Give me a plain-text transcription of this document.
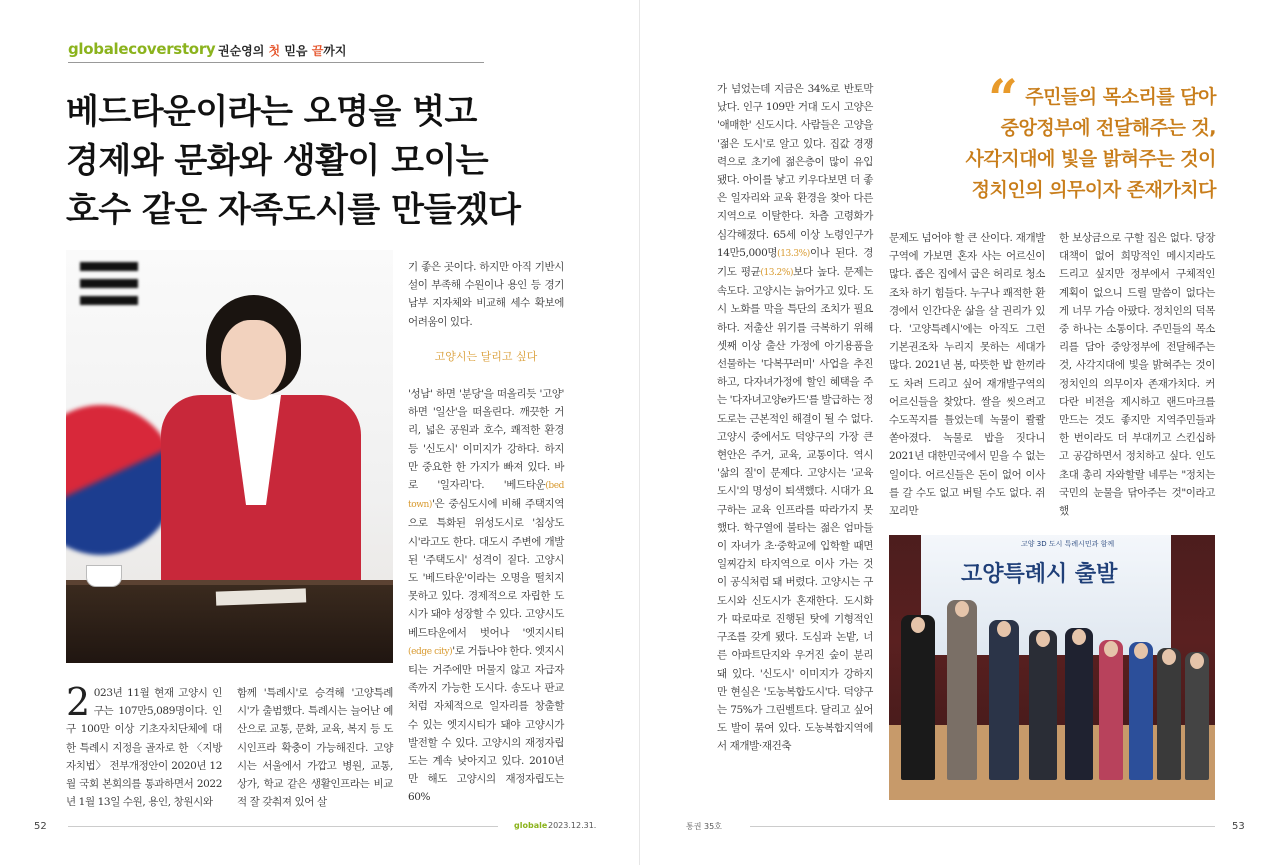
globalecoverstory 권순영의 첫 믿음 끝까지
베드타운이라는 오명을 벗고
경제와 문화와 생활이 모이는
호수 같은 자족도시를 만들겠다
2 023년 11월 현재 고양시 인구는 107만5,089명이다. 인구 100만 이상 기초자치단체에 대한 특례시 지정을 골자로 한 〈지방자치법〉 전부개정안이 2020년 12월 국회 본회의를 통과하면서 2022년 1월 13일 수원, 용인, 창원시와

함께 '특례시'로 승격해 '고양특례시'가 출범했다. 특례시는 늘어난 예산으로 교통, 문화, 교육, 복지 등 도시인프라 확충이 가능해진다. 고양시는 서울에서 가깝고 병원, 교통, 상가, 학교 같은 생활인프라는 비교적 잘 갖춰져 있어 살

기 좋은 곳이다. 하지만 아직 기반시설이 부족해 수원이나 용인 등 경기 남부 지자체와 비교해 세수 확보에 어려움이 있다.

고양시는 달리고 싶다

'성남' 하면 '분당'을 떠올리듯 '고양' 하면 '일산'을 떠올린다. 깨끗한 거리, 넓은 공원과 호수, 쾌적한 환경 등 '신도시' 이미지가 강하다. 하지만 중요한 한 가지가 빠져 있다. 바로 '일자리'다. '베드타운(bed town)'은 중심도시에 비해 주택지역으로 특화된 위성도시로 '침상도시'라고도 한다. 대도시 주변에 개발된 '주택도시' 성격이 짙다. 고양시도 '베드타운'이라는 오명을 떨치지 못하고 있다. 경제적으로 자립한 도시가 돼야 성장할 수 있다. 고양시도 베드타운에서 벗어나 '엣지시티(edge city)'로 거듭나야 한다. 엣지시티는 거주에만 머물지 않고 자급자족까지 가능한 도시다. 송도나 판교처럼 자체적으로 일자리를 창출할 수 있는 엣지시티가 돼야 고양시가 발전할 수 있다. 고양시의 재정자립도는 계속 낮아지고 있다. 2010년만 해도 고양시의 재정자립도는 60%

52	globale 2023.12.31.

가 넘었는데 지금은 34%로 반토막났다. 인구 109만 거대 도시 고양은 '애매한' 신도시다. 사람들은 고양을 '젊은 도시'로 알고 있다. 집값 경쟁력으로 초기에 젊은층이 많이 유입됐다. 아이를 낳고 키우다보면 더 좋은 일자리와 교육 환경을 찾아 다른 지역으로 이탈한다. 차츰 고령화가 심각해졌다. 65세 이상 노령인구가 14만5,000명(13.3%)이나 된다. 경기도 평균(13.2%)보다 높다. 문제는 속도다. 고양시는 늙어가고 있다. 도시 노화를 막을 특단의 조치가 필요하다. 저출산 위기를 극복하기 위해 셋째 이상 출산 가정에 아기용품을 선물하는 '다복꾸러미' 사업을 추진하고, 다자녀가정에 할인 혜택을 주는 '다자녀고양e카드'를 발급하는 정도로는 근본적인 해결이 될 수 없다. 고양시 중에서도 덕양구의 가장 큰 현안은 주거, 교육, 교통이다. 역시 '삶의 질'이 문제다. 고양시는 '교육도시'의 명성이 퇴색했다. 시대가 요구하는 교육 인프라를 따라가지 못했다. 학구열에 불타는 젊은 엄마들이 자녀가 초·중학교에 입학할 때면 일찌감치 타지역으로 이사 가는 것이 공식처럼 돼 버렸다. 고양시는 구도시와 신도시가 혼재한다. 도시화가 따로따로 진행된 탓에 기형적인 구조를 갖게 됐다. 도심과 논밭, 너른 아파트단지와 우거진 숲이 분리돼 있다. '신도시' 이미지가 강하지만 현실은 '도농복합도시'다. 덕양구는 75%가 그린벨트다. 달리고 싶어도 발이 묶여 있다. 도농복합지역에서 재개발·재건축

“ 주민들의 목소리를 담아
중앙정부에 전달해주는 것,
사각지대에 빛을 밝혀주는 것이
정치인의 의무이자 존재가치다

문제도 넘어야 할 큰 산이다. 재개발구역에 가보면 혼자 사는 어르신이 많다. 좁은 집에서 굽은 허리로 청소조차 하기 힘들다. 누구나 쾌적한 환경에서 인간다운 삶을 살 권리가 있다. '고양특례시'에는 아직도 그런 기본권조차 누리지 못하는 세대가 많다. 2021년 봄, 따뜻한 밥 한끼라도 차려 드리고 싶어 재개발구역의 어르신들을 찾았다. 쌀을 씻으려고 수도꼭지를 틀었는데 녹물이 콸콸 쏟아졌다. 녹물로 밥을 짓다니 2021년 대한민국에서 믿을 수 없는 일이다. 어르신들은 돈이 없어 이사를 갈 수도 없고 버틸 수도 없다. 쥐꼬리만

한 보상금으로 구할 집은 없다. 당장 대책이 없어 희망적인 메시지라도 드리고 싶지만 정부에서 구체적인 계획이 없으니 드릴 말씀이 없다는 게 너무 가슴 아팠다. 정치인의 덕목 중 하나는 소통이다. 주민들의 목소리를 담아 중앙정부에 전달해주는 것, 사각지대에 빛을 밝혀주는 것이 정치인의 의무이자 존재가치다. 커다란 비전을 제시하고 랜드마크를 만드는 것도 좋지만 지역주민들과 한 번이라도 더 부대끼고 스킨십하고 공감하면서 정치하고 싶다. 인도 초대 총리 자와할랄 네루는 "정치는 국민의 눈물을 닦아주는 것"이라고 했

고양 3D 도시 특례시민과 함께
고양특례시 출발
통권 35호	53
